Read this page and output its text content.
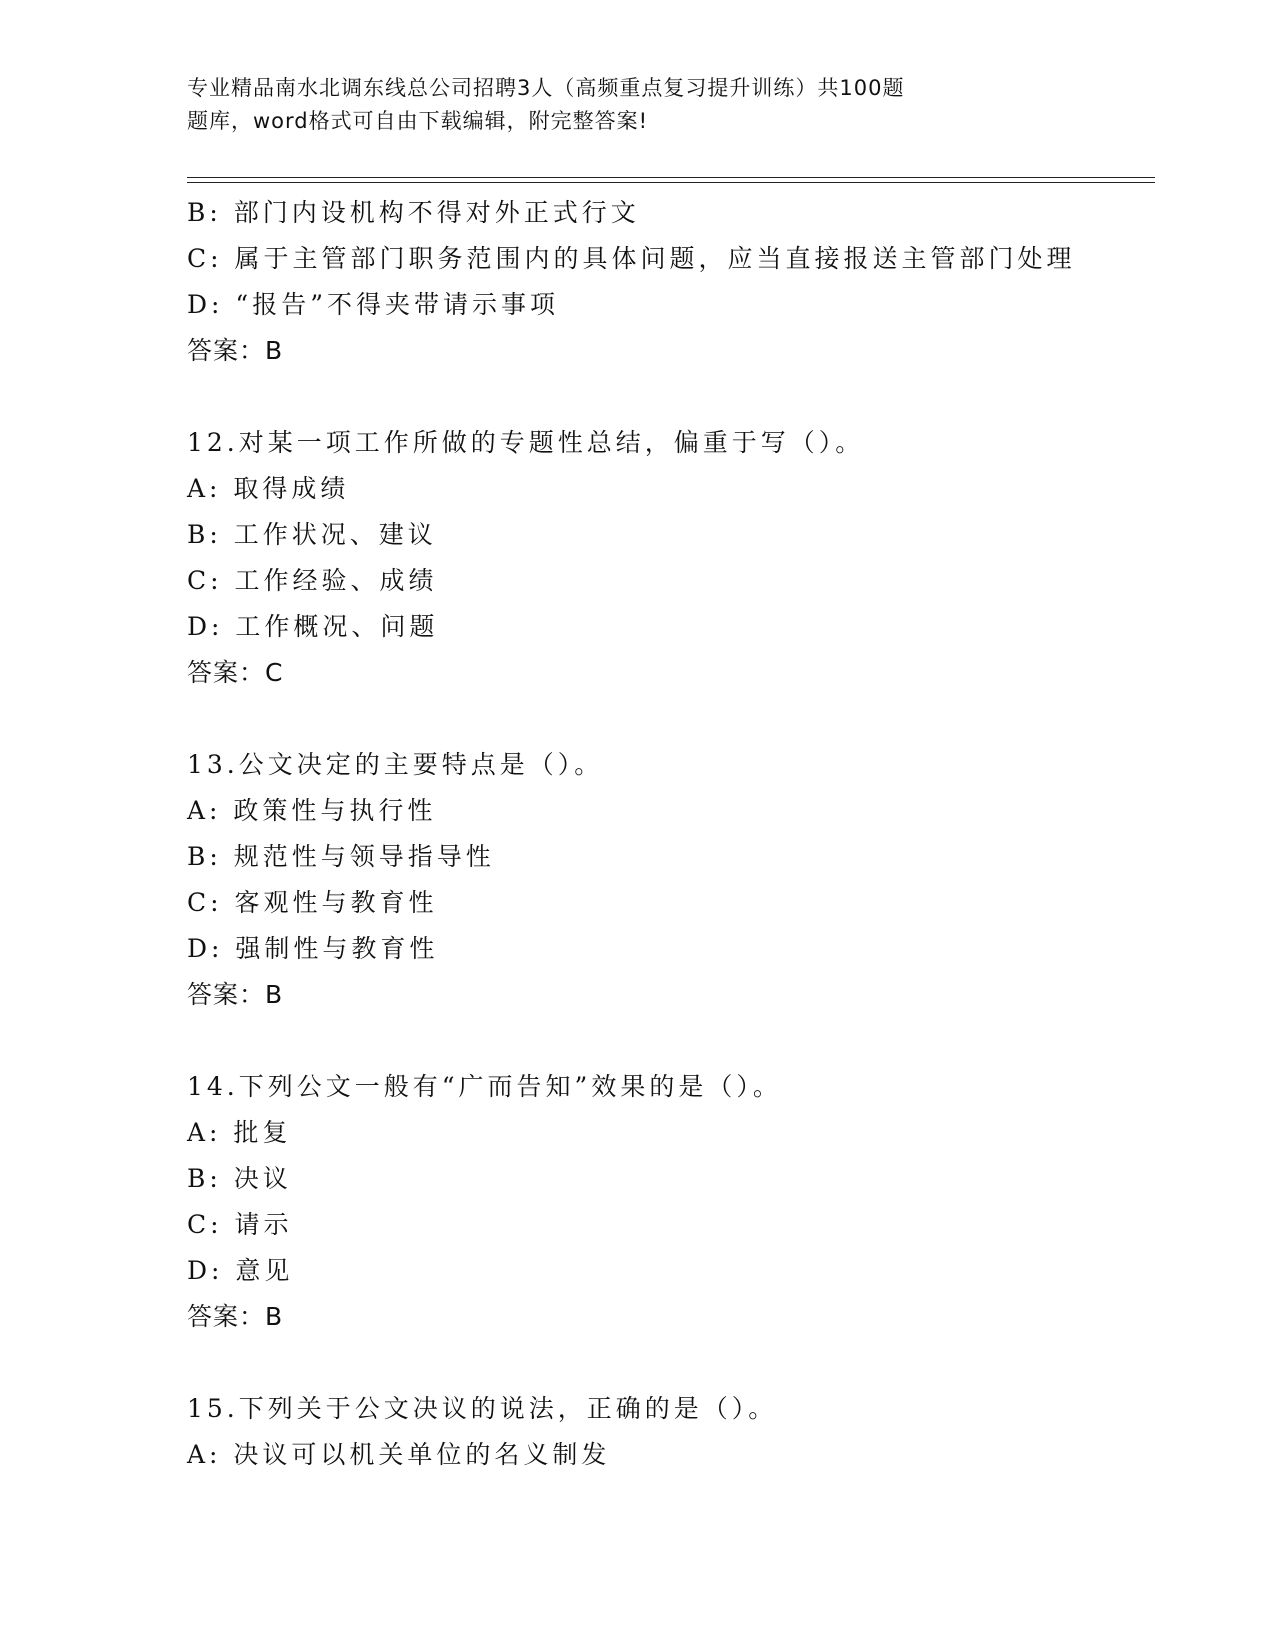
专业精品南水北调东线总公司招聘3人（高频重点复习提升训练）共100题
题库，word格式可自由下载编辑，附完整答案!
B: 部门内设机构不得对外正式行文
C: 属于主管部门职务范围内的具体问题，应当直接报送主管部门处理
D: “报告”不得夹带请示事项
答案：B
12.对某一项工作所做的专题性总结，偏重于写（）。
A: 取得成绩
B: 工作状况、建议
C: 工作经验、成绩
D: 工作概况、问题
答案：C
13.公文决定的主要特点是（）。
A: 政策性与执行性
B: 规范性与领导指导性
C: 客观性与教育性
D: 强制性与教育性
答案：B
14.下列公文一般有“广而告知”效果的是（）。
A: 批复
B: 决议
C: 请示
D: 意见
答案：B
15.下列关于公文决议的说法，正确的是（）。
A: 决议可以机关单位的名义制发
